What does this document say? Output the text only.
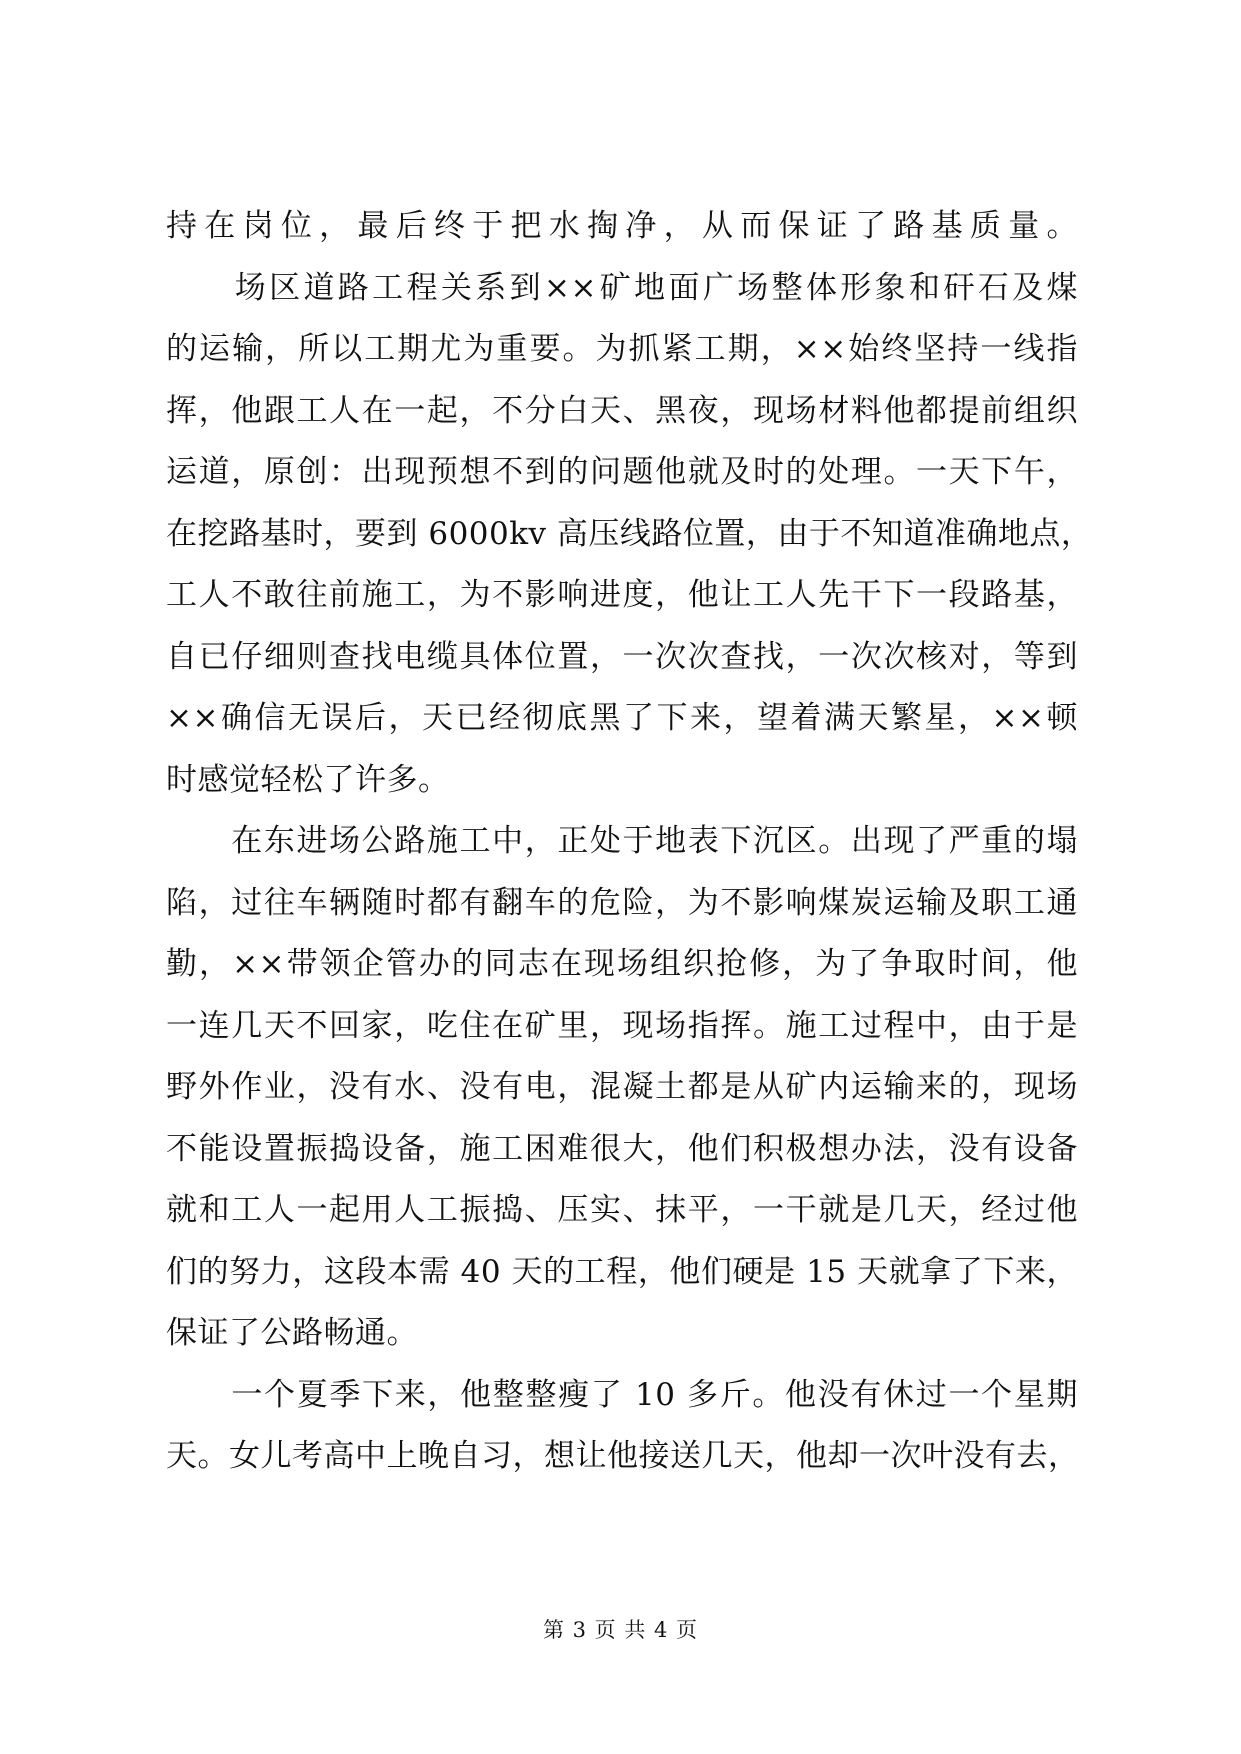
持在岗位，最后终于把水掏净，从而保证了路基质量。
　　场区道路工程关系到××矿地面广场整体形象和矸石及煤
的运输，所以工期尤为重要。为抓紧工期，××始终坚持一线指
挥，他跟工人在一起，不分白天、黑夜，现场材料他都提前组织
运道，原创：出现预想不到的问题他就及时的处理。一天下午，
在挖路基时，要到 6000kv 高压线路位置，由于不知道准确地点，
工人不敢往前施工，为不影响进度，他让工人先干下一段路基，
自已仔细则查找电缆具体位置，一次次查找，一次次核对，等到
××确信无误后，天已经彻底黑了下来，望着满天繁星，××顿
时感觉轻松了许多。
　　在东进场公路施工中，正处于地表下沉区。出现了严重的塌
陷，过往车辆随时都有翻车的危险，为不影响煤炭运输及职工通
勤，××带领企管办的同志在现场组织抢修，为了争取时间，他
一连几天不回家，吃住在矿里，现场指挥。施工过程中，由于是
野外作业，没有水、没有电，混凝土都是从矿内运输来的，现场
不能设置振捣设备，施工困难很大，他们积极想办法，没有设备
就和工人一起用人工振捣、压实、抹平，一干就是几天，经过他
们的努力，这段本需 40 天的工程，他们硬是 15 天就拿了下来，
保证了公路畅通。
　　一个夏季下来，他整整瘦了 10 多斤。他没有休过一个星期
天。女儿考高中上晚自习，想让他接送几天，他却一次叶没有去，
第 3 页 共 4 页
